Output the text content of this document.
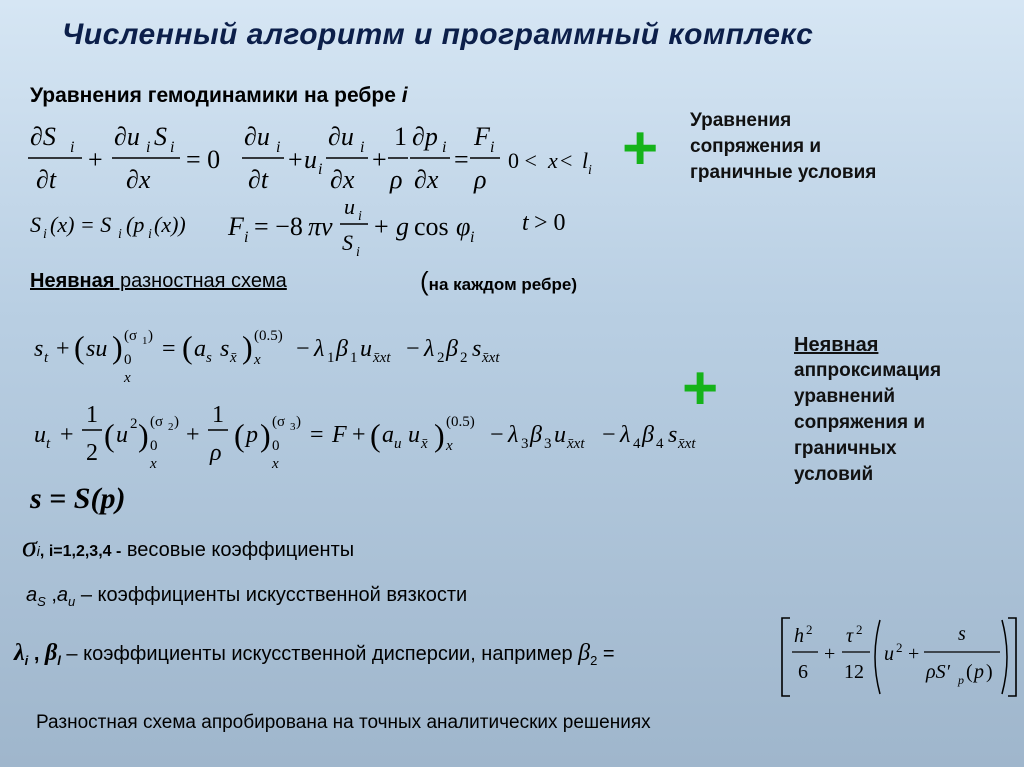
Численный алгоритм и программный комплекс
Уравнения гемодинамики на ребре i
∂S i
∂t
+
∂u i S i
∂x
= 0
∂u i
∂t
+ u i
∂u i
∂x
+
1
ρ
∂p i
∂x
=
F i
ρ
0 < x < l i
S i (x) = S i (p i (x)) F i = −8 πν
u i
S i
+ g cos φ i
t > 0
Уравнения
сопряжения и
граничные условия
+
Неявная разностная схема	(на каждом ребре)
s t + ( su ) (σ 1 )
0
x
= ( a s s x̄ ) (0.5)
x − λ 1 β 1 u x̄xt − λ 2 β 2 s x̄xt
u t +
1
2 ( u 2 ) (σ 2 )
0
x
+
1
ρ ( p ) (σ 3 )
0
x
= F + ( a u u x̄ ) (0.5)
x − λ 3 β 3 u x̄xt − λ 4 β 4 s x̄xt
s = S(p)
+
Неявная
аппроксимация
уравнений
сопряжения и
граничных
условий
σi, i=1,2,3,4 - весовые коэффициенты
$a_S$ $,a_u$ – коэффициенты искусственной вязкости
$\lambda_i$ , $\beta_l$ – коэффициенты искусственной дисперсии, например $\beta_2$ =
h 2
6
+
τ 2
12
u 2 +
s
ρS′ p ( p )
Разностная схема апробирована на точных аналитических решениях
